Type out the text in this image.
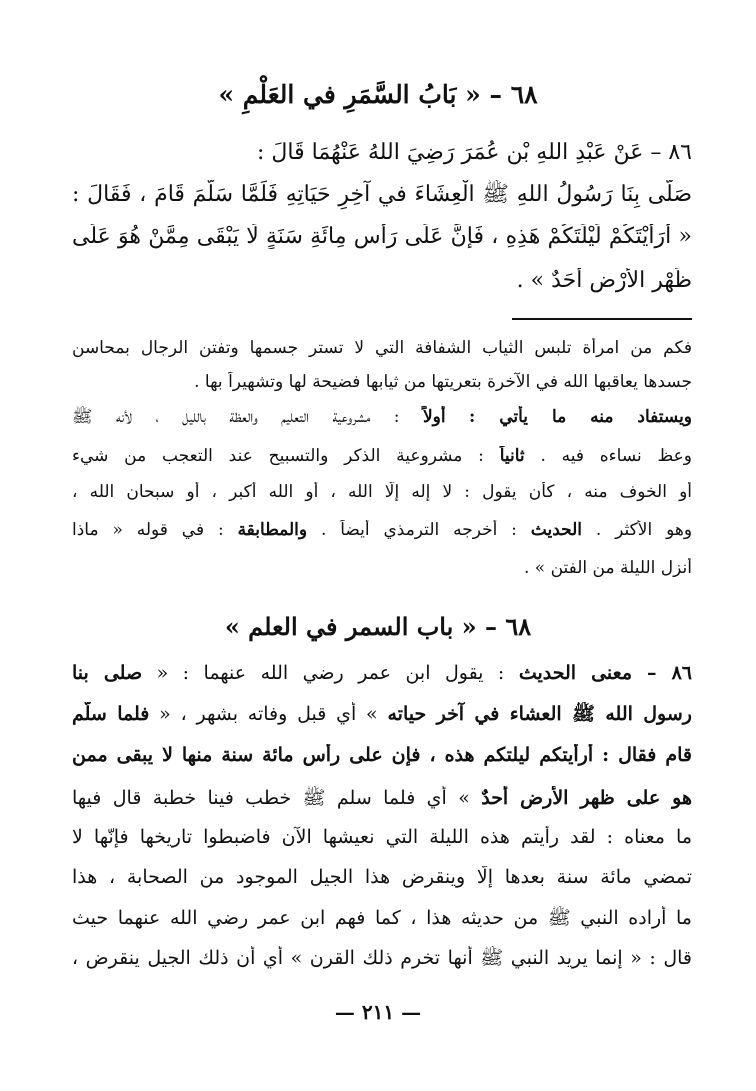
٦٨ – « بَابُ السَّمَرِ في العَلْمِ »
٨٦ – عَنْ عَبْدِ اللهِ بْنِ عُمَرَ رَضِيَ اللهُ عَنْهُمَا قَالَ :
صَلَّى بِنَا رَسُولُ اللهِ ﷺ الْعِشَاءَ في آخِرِ حَيَاتِهِ فَلَمَّا سَلَّمَ قَامَ ، فَقَالَ :
« أَرَأَيْتَكُمْ لَيْلَتَكُمْ هَذِهِ ، فَإِنَّ عَلَى رَأْسِ مِائَةِ سَنَةٍ لَا يَبْقَى مِمَّنْ هُوَ عَلَى
ظَهْرِ الأَرْضِ أَحَدٌ » .
فكم من امرأة تلبس الثياب الشفافة التي لا تستر جسمها وتفتن الرجال بمحاسن
جسدها يعاقبها الله في الآخرة بتعريتها من ثيابها فضيحة لها وتشهيراً بها .
ويستفاد منه ما يأتي : أولاً : مشروعية التعليم والعظة بالليل ، لأنه ﷺ
وعظ نساءه فيه . ثانياً : مشروعية الذكر والتسبيح عند التعجب من شيء
أو الخوف منه ، كأن يقول : لا إله إلّا الله ، أو الله أكبر ، أو سبحان الله ،
وهو الأكثر . الحديث : أخرجه الترمذي أيضاً . والمطابقة : في قوله « ماذا
أنزل الليلة من الفتن » .
٦٨ – « باب السمر في العلم »
٨٦ – معنى الحديث : يقول ابن عمر رضي الله عنهما : « صلى بنا
رسول الله ﷺ العشاء في آخر حياته » أي قبل وفاته بشهر ، « فلما سلّم
قام فقال : أرأيتكم ليلتكم هذه ، فإن على رأس مائة سنة منها لا يبقى ممن
هو على ظهر الأرض أحدٌ » أي فلما سلم ﷺ خطب فينا خطبة قال فيها
ما معناه : لقد رأيتم هذه الليلة التي نعيشها الآن فاضبطوا تاريخها فإنّها لا
تمضي مائة سنة بعدها إلّا وينقرض هذا الجيل الموجود من الصحابة ، هذا
ما أراده النبي ﷺ من حديثه هذا ، كما فهم ابن عمر رضي الله عنهما حيث
قال : « إنما يريد النبي ﷺ أنها تخرم ذلك القرن » أي أن ذلك الجيل ينقرض ،
— ٢١١ —
